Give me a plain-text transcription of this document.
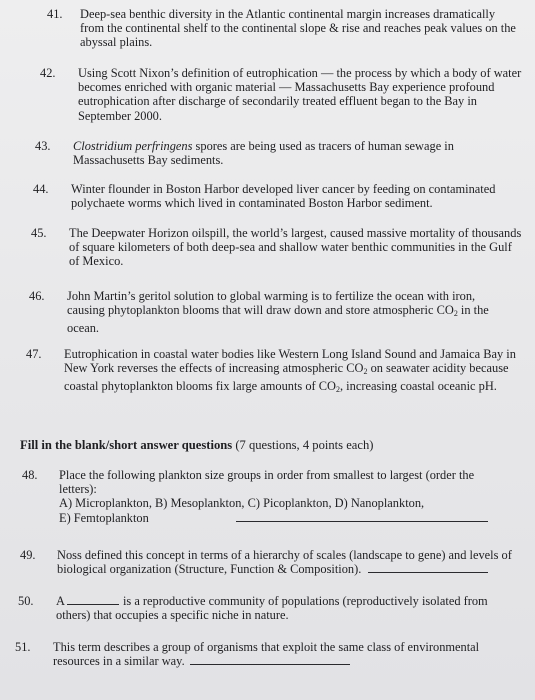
41. Deep-sea benthic diversity in the Atlantic continental margin increases dramatically from the continental shelf to the continental slope & rise and reaches peak values on the abyssal plains.
42. Using Scott Nixon’s definition of eutrophication — the process by which a body of water becomes enriched with organic material — Massachusetts Bay experience profound eutrophication after discharge of secondarily treated effluent began to the Bay in September 2000.
43. Clostridium perfringens spores are being used as tracers of human sewage in Massachusetts Bay sediments.
44. Winter flounder in Boston Harbor developed liver cancer by feeding on contaminated polychaete worms which lived in contaminated Boston Harbor sediment.
45. The Deepwater Horizon oilspill, the world’s largest, caused massive mortality of thousands of square kilometers of both deep-sea and shallow water benthic communities in the Gulf of Mexico.
46. John Martin’s geritol solution to global warming is to fertilize the ocean with iron, causing phytoplankton blooms that will draw down and store atmospheric $CO_2$ in the ocean.
47. Eutrophication in coastal water bodies like Western Long Island Sound and Jamaica Bay in New York reverses the effects of increasing atmospheric $CO_2$ on seawater acidity because coastal phytoplankton blooms fix large amounts of $CO_2$, increasing coastal oceanic pH.
Fill in the blank/short answer questions (7 questions, 4 points each)
48. Place the following plankton size groups in order from smallest to largest (order the letters):
A) Microplankton, B) Mesoplankton, C) Picoplankton, D) Nanoplankton,
E) Femtoplankton
49. Noss defined this concept in terms of a hierarchy of scales (landscape to gene) and levels of biological organization (Structure, Function & Composition).
50. A	is a reproductive community of populations (reproductively isolated from others) that occupies a specific niche in nature.
51. This term describes a group of organisms that exploit the same class of environmental resources in a similar way.
